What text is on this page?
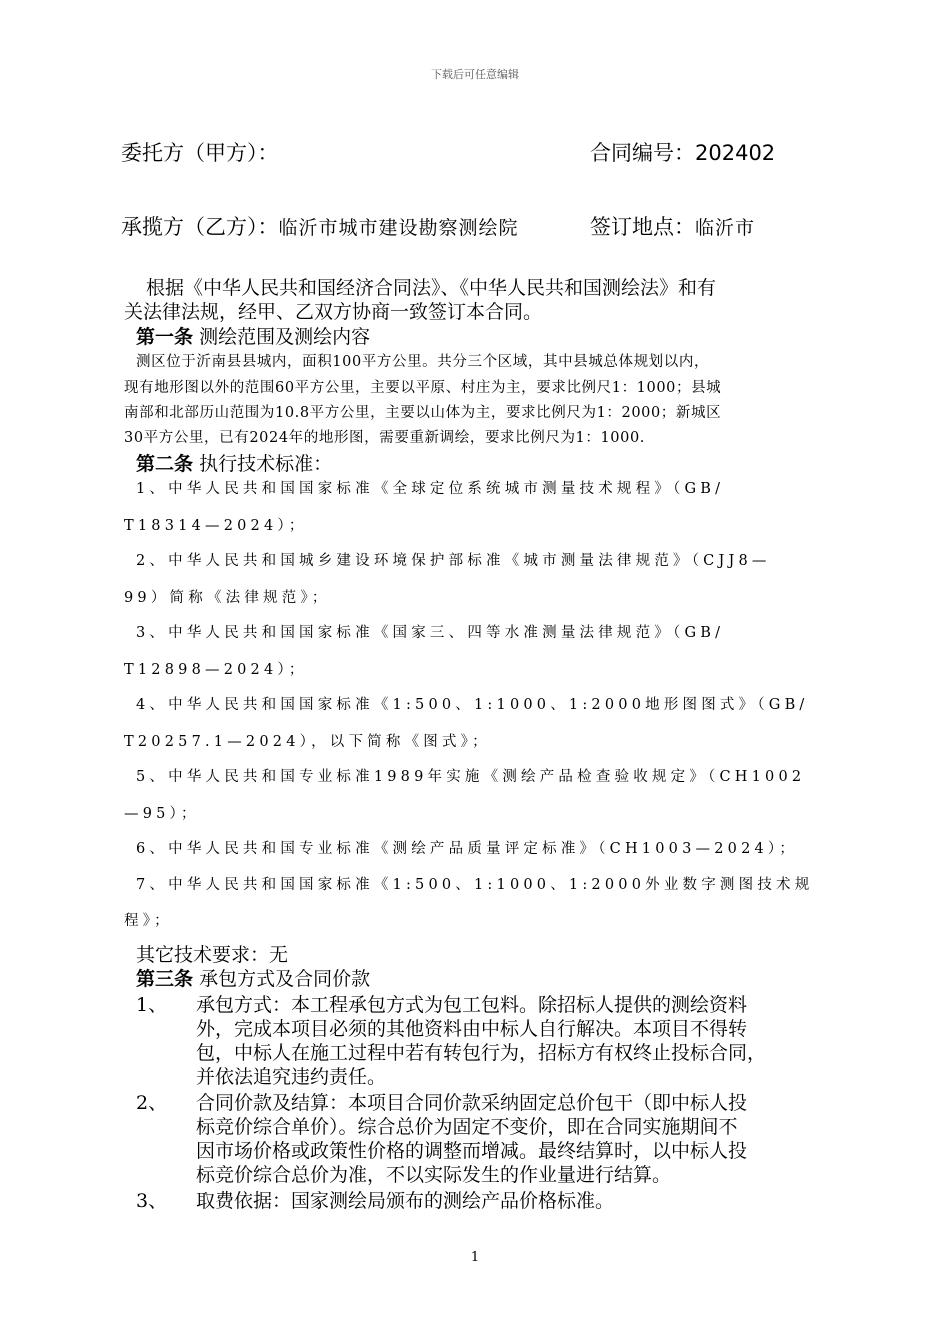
下载后可任意编辑
委托方（甲方）：	合同编号：202402
承揽方（乙方）：临沂市城市建设勘察测绘院	签订地点：临沂市
根据《中华人民共和国经济合同法》、《中华人民共和国测绘法》和有
关法律法规，经甲、乙双方协商一致签订本合同。
第一条 测绘范围及测绘内容
测区位于沂南县县城内，面积100平方公里。共分三个区域，其中县城总体规划以内，
现有地形图以外的范围60平方公里，主要以平原、村庄为主，要求比例尺1：1000；县城
南部和北部历山范围为10.8平方公里，主要以山体为主，要求比例尺为1：2000；新城区
30平方公里，已有2024年的地形图，需要重新调绘，要求比例尺为1：1000.
第二条 执行技术标准：
1、中华人民共和国国家标准《全球定位系统城市测量技术规程》（GB/
T18314—2024）；
2、中华人民共和国城乡建设环境保护部标准《城市测量法律规范》（CJJ8—
99）简称《法律规范》；
3、中华人民共和国国家标准《国家三、四等水准测量法律规范》（GB/
T12898—2024）；
4、中华人民共和国国家标准《1:500、1:1000、1:2000地形图图式》（GB/
T20257.1—2024），以下简称《图式》；
5、中华人民共和国专业标准1989年实施《测绘产品检查验收规定》（CH1002
—95）；
6、中华人民共和国专业标准《测绘产品质量评定标准》（CH1003—2024）；
7、中华人民共和国国家标准《1:500、1:1000、1:2000外业数字测图技术规
程》；
其它技术要求：无
第三条 承包方式及合同价款
1、 承包方式：本工程承包方式为包工包料。除招标人提供的测绘资料
外，完成本项目必须的其他资料由中标人自行解决。本项目不得转
包，中标人在施工过程中若有转包行为，招标方有权终止投标合同，
并依法追究违约责任。
2、 合同价款及结算：本项目合同价款采纳固定总价包干（即中标人投
标竞价综合单价）。综合总价为固定不变价，即在合同实施期间不
因市场价格或政策性价格的调整而增减。最终结算时，以中标人投
标竞价综合总价为准，不以实际发生的作业量进行结算。
3、 取费依据：国家测绘局颁布的测绘产品价格标准。
1
